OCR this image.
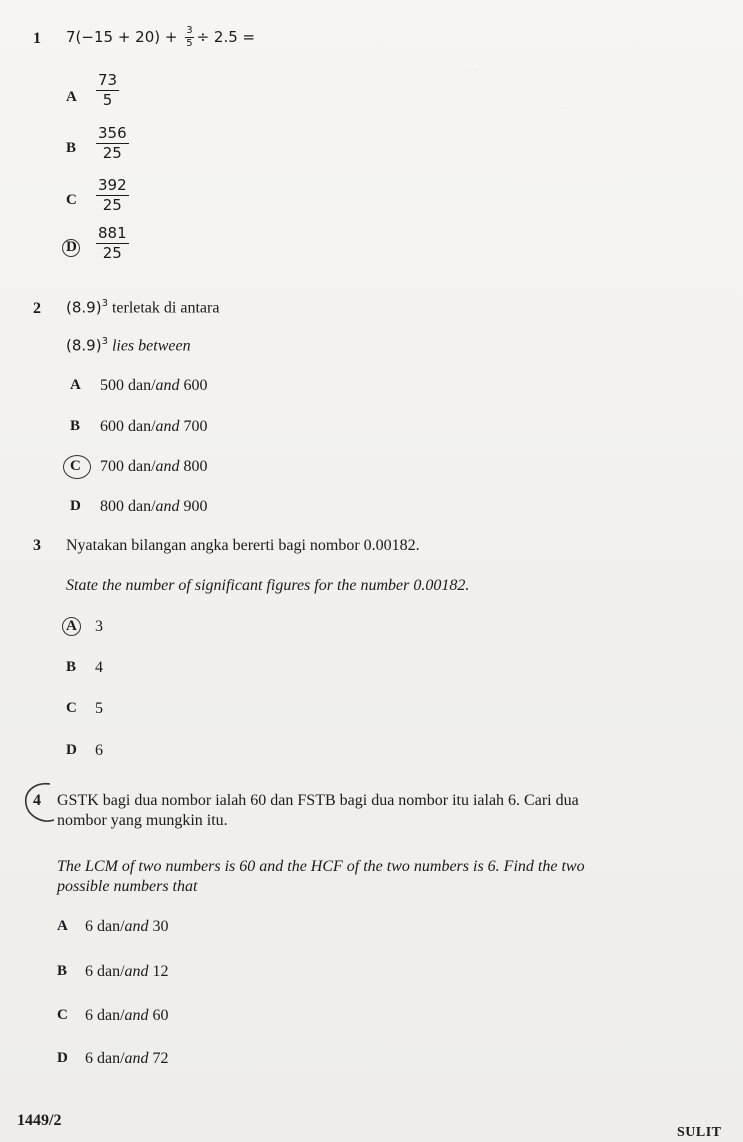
...
...
1 $7(-15 + 20) + \frac{3}{5} \div 2.5$ =
A $\frac{73}{5}$
B $\frac{356}{25}$
C $\frac{392}{25}$
D $\frac{881}{25}$
2 $(8.9)^3$ terletak di antara
$(8.9)^3$ lies between
A 500 dan/and 600
B 600 dan/and 700
C 700 dan/and 800
D 800 dan/and 900
3 Nyatakan bilangan angka bererti bagi nombor 0.00182.
State the number of significant figures for the number 0.00182.
A 3
B 4
C 5
D 6
4 GSTK bagi dua nombor ialah 60 dan FSTB bagi dua nombor itu ialah 6. Cari dua
nombor yang mungkin itu.
The LCM of two numbers is 60 and the HCF of the two numbers is 6. Find the two
possible numbers that
A 6 dan/and 30
B 6 dan/and 12
C 6 dan/and 60
D 6 dan/and 72
1449/2
SULIT
